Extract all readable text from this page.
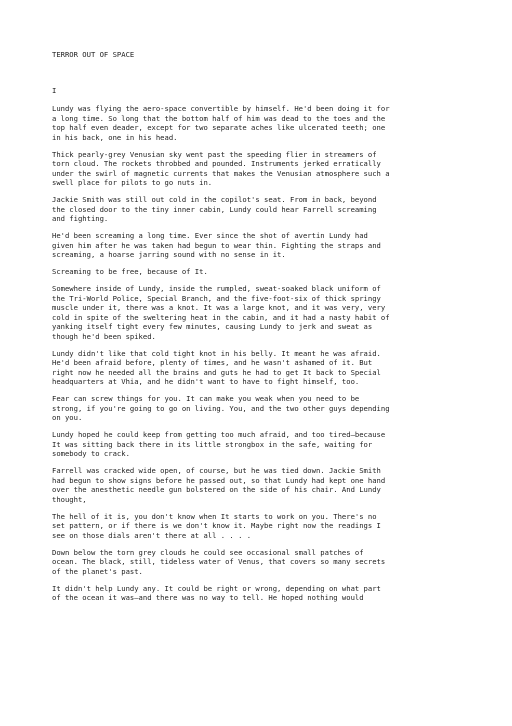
TERROR OUT OF SPACE
I
Lundy was flying the aero-space convertible by himself. He'd been doing it for
a long time. So long that the bottom half of him was dead to the toes and the
top half even deader, except for two separate aches like ulcerated teeth; one
in his back, one in his head.
Thick pearly-grey Venusian sky went past the speeding flier in streamers of
torn cloud. The rockets throbbed and pounded. Instruments jerked erratically
under the swirl of magnetic currents that makes the Venusian atmosphere such a
swell place for pilots to go nuts in.
Jackie Smith was still out cold in the copilot's seat. From in back, beyond
the closed door to the tiny inner cabin, Lundy could hear Farrell screaming
and fighting.
He'd been screaming a long time. Ever since the shot of avertin Lundy had
given him after he was taken had begun to wear thin. Fighting the straps and
screaming, a hoarse jarring sound with no sense in it.
Screaming to be free, because of It.
Somewhere inside of Lundy, inside the rumpled, sweat-soaked black uniform of
the Tri-World Police, Special Branch, and the five-foot-six of thick springy
muscle under it, there was a knot. It was a large knot, and it was very, very
cold in spite of the sweltering heat in the cabin, and it had a nasty habit of
yanking itself tight every few minutes, causing Lundy to jerk and sweat as
though he'd been spiked.
Lundy didn't like that cold tight knot in his belly. It meant he was afraid.
He'd been afraid before, plenty of times, and he wasn't ashamed of it. But
right now he needed all the brains and guts he had to get It back to Special
headquarters at Vhia, and he didn't want to have to fight himself, too.
Fear can screw things for you. It can make you weak when you need to be
strong, if you're going to go on living. You, and the two other guys depending
on you.
Lundy hoped he could keep from getting too much afraid, and too tired—because
It was sitting back there in its little strongbox in the safe, waiting for
somebody to crack.
Farrell was cracked wide open, of course, but he was tied down. Jackie Smith
had begun to show signs before he passed out, so that Lundy had kept one hand
over the anesthetic needle gun bolstered on the side of his chair. And Lundy
thought,
The hell of it is, you don't know when It starts to work on you. There's no
set pattern, or if there is we don't know it. Maybe right now the readings I
see on those dials aren't there at all . . . .
Down below the torn grey clouds he could see occasional small patches of
ocean. The black, still, tideless water of Venus, that covers so many secrets
of the planet's past.
It didn't help Lundy any. It could be right or wrong, depending on what part
of the ocean it was—and there was no way to tell. He hoped nothing would
